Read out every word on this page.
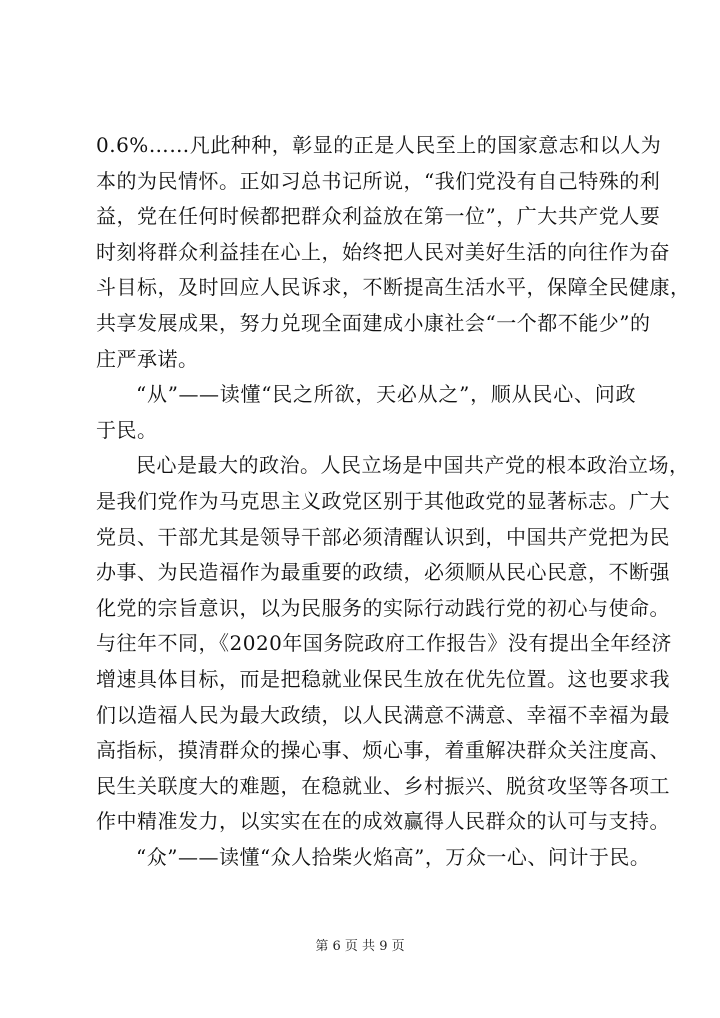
0.6%……凡此种种，彰显的正是人民至上的国家意志和以人为
本的为民情怀。正如习总书记所说，“我们党没有自己特殊的利
益，党在任何时候都把群众利益放在第一位”，广大共产党人要
时刻将群众利益挂在心上，始终把人民对美好生活的向往作为奋
斗目标，及时回应人民诉求，不断提高生活水平，保障全民健康，
共享发展成果，努力兑现全面建成小康社会“一个都不能少”的
庄严承诺。
“从”——读懂“民之所欲，天必从之”，顺从民心、问政
于民。
民心是最大的政治。人民立场是中国共产党的根本政治立场，
是我们党作为马克思主义政党区别于其他政党的显著标志。广大
党员、干部尤其是领导干部必须清醒认识到，中国共产党把为民
办事、为民造福作为最重要的政绩，必须顺从民心民意，不断强
化党的宗旨意识，以为民服务的实际行动践行党的初心与使命。
与往年不同，《2020年国务院政府工作报告》没有提出全年经济
增速具体目标，而是把稳就业保民生放在优先位置。这也要求我
们以造福人民为最大政绩，以人民满意不满意、幸福不幸福为最
高指标，摸清群众的操心事、烦心事，着重解决群众关注度高、
民生关联度大的难题，在稳就业、乡村振兴、脱贫攻坚等各项工
作中精准发力，以实实在在的成效赢得人民群众的认可与支持。
“众”——读懂“众人拾柴火焰高”，万众一心、问计于民。
第 6 页 共 9 页
